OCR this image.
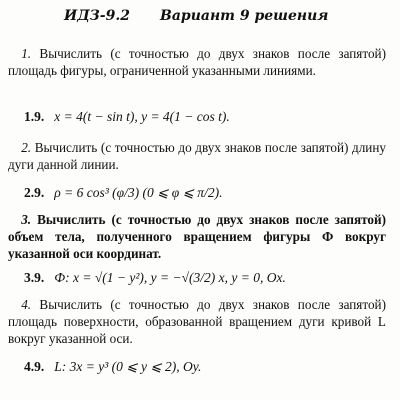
ИДЗ-9.2 Вариант 9 решения
 1. Вычислить (с точностью до двух знаков после запятой) площадь фигуры, ограниченной указанными линиями.
1.9. x = 4(t − sin t), y = 4(1 − cos t).
 2. Вычислить (с точностью до двух знаков после запятой) длину дуги данной линии.
2.9. ρ = 6 cos³ (φ/3) (0 ⩽ φ ⩽ π/2).
 3. Вычислить (с точностью до двух знаков после запятой) объем тела, полученного вращением фигуры Ф вокруг указанной оси координат.
3.9. Ф: x = √(1 − y²), y = −√(3/2) x, y = 0, Ox.
 4. Вычислить (с точностью до двух знаков после запятой) площадь поверхности, образованной вращением дуги кривой L вокруг указанной оси.
4.9. L: 3x = y³ (0 ⩽ y ⩽ 2), Oy.
